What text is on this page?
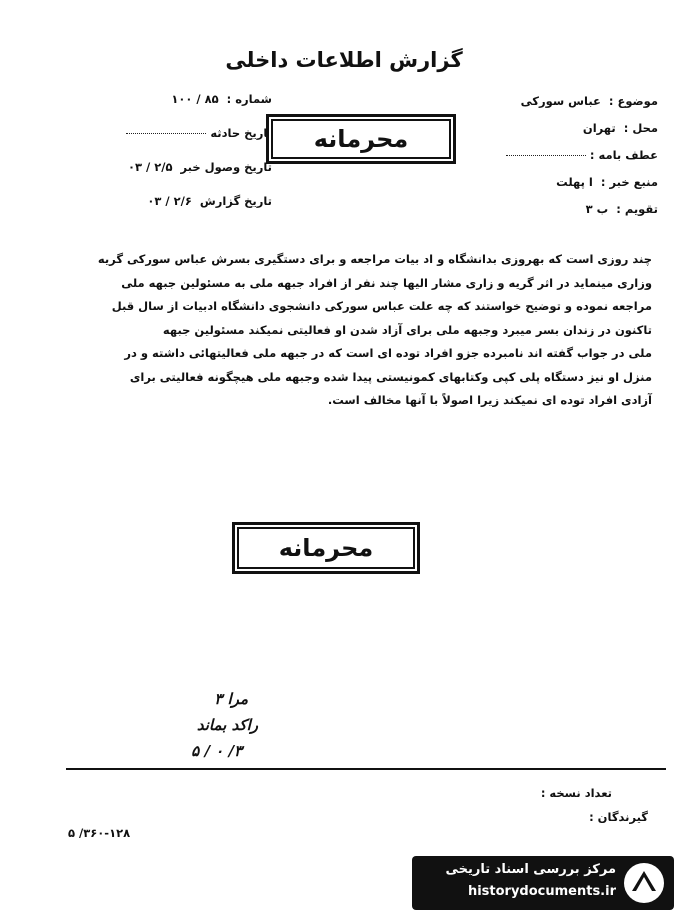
گزارش اطلاعات داخلی
موضوع : عباس سورکی
محل : تهران
عطف بامه :
منبع خبر : ا پهلت
تقویم : ب ۳
شماره : ۸۵ / ۱۰۰
تاریخ حادثه
تاریخ وصول خبر ۲/۵ / ۰۳
تاریخ گزارش ۲/۶ / ۰۳
محرمانه

چند روزی است که بهروزی بدانشگاه و اد بیات مراجعه و برای دستگیری بسرش عباس سورکی گریه

وزاری مینماید در اثر گریه و زاری مشار الیها چند نفر از افراد جبهه ملی به مسئولین جبهه ملی

مراجعه نموده و توضیح خواستند که چه علت عباس سورکی دانشجوی دانشگاه ادبیات از سال قبل

تاکنون در زندان بسر میبرد وجبهه ملی برای آزاد شدن او فعالیتی نمیکند مسئولین جبهه

ملی در جواب گفته اند نامبرده جزو افراد توده ای است که در جبهه ملی فعالیتهائی داشته و در

منزل او نیز دستگاه پلی کپی وکتابهای کمونیستی پیدا شده وجبهه ملی هیچگونه فعالیتی برای

آزادی افراد توده ای نمیکند زیرا اصولاً با آنها مخالف است.

محرمانه
مرا ۳
راکد بماند
۳/ ۰ / ۵
تعداد نسخه :
گیرندگان :
۳۶۰-۱۲۸/ ۵
مرکز بررسی اسناد تاریخی
historydocuments.ir
